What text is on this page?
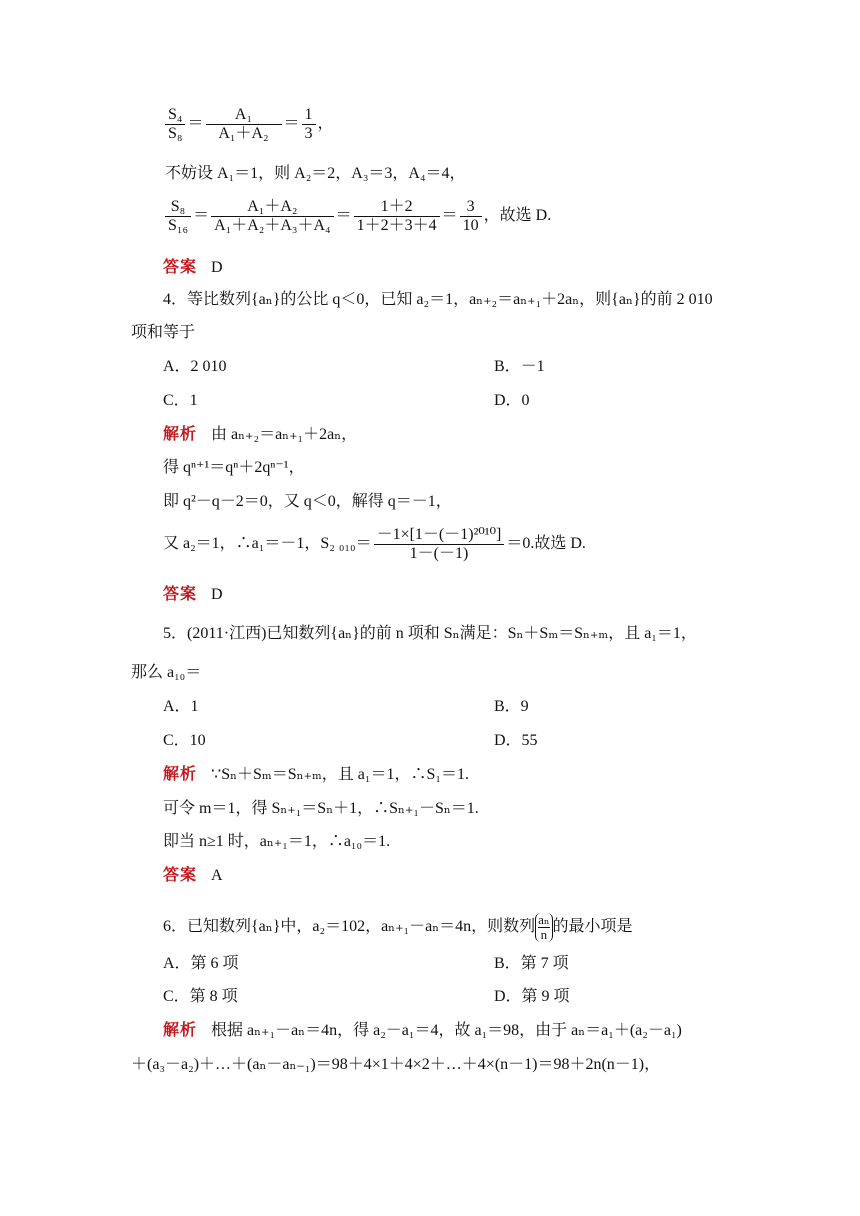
$\frac{\text{S₄}}{\text{S₈}} = \frac{\text{A₁}}{\text{A₁＋A₂}} = \frac{1}{3}$ ，
不妨设 A₁＝1，则 A₂＝2，A₃＝3，A₄＝4，
$\frac{\text{S₈}}{\text{S₁₆}} = \frac{\text{A₁＋A₂}}{\text{A₁＋A₂＋A₃＋A₄}} = \frac{1+2}{1+2+3+4} = \frac{3}{10}$ ，故选 D.
答案 D
4．等比数列{aₙ}的公比 q＜0，已知 a₂＝1，aₙ₊₂＝aₙ₊₁＋2aₙ，则{aₙ}的前 2 010
项和等于
A．2 010	B．－1
C．1	D．0
解析 由 aₙ₊₂＝aₙ₊₁＋2aₙ，
得 qⁿ⁺¹＝qⁿ＋2qⁿ⁻¹，
即 q²－q－2＝0，又 q＜0，解得 q＝－1，
又 a₂＝1，∴a₁＝－1，S₂ $_{010}= \frac{\text{－1×[1－(－1)²⁰¹⁰]}}{1-(-1)} =0$.故选 D.
答案 D
5．(2011·江西)已知数列{aₙ}的前 n 项和 Sₙ满足：Sₙ＋Sₘ＝Sₙ₊ₘ，且 a₁＝1，
那么 a₁₀＝
A．1	B．9
C．10	D．55
解析 ∵Sₙ＋Sₘ＝Sₙ₊ₘ，且 a₁＝1，∴S₁＝1.
可令 m＝1，得 Sₙ₊₁＝Sₙ＋1，∴Sₙ₊₁－Sₙ＝1.
即当 n≥1 时，aₙ₊₁＝1，∴a₁₀＝1.
答案 A
6．已知数列{aₙ}中，a₂＝102，aₙ₊₁－aₙ＝4n，则数列 $\frac{\text{aₙ}}{n}$ 的最小项是
A．第 6 项	B．第 7 项
C．第 8 项	D．第 9 项
解析 根据 aₙ₊₁－aₙ＝4n，得 a₂－a₁＝4，故 a₁＝98，由于 aₙ＝a₁＋(a₂－a₁)
＋(a₃－a₂)＋…＋(aₙ－aₙ₋₁)＝98＋4×1＋4×2＋…＋4×(n－1)＝98＋2n(n－1)，
